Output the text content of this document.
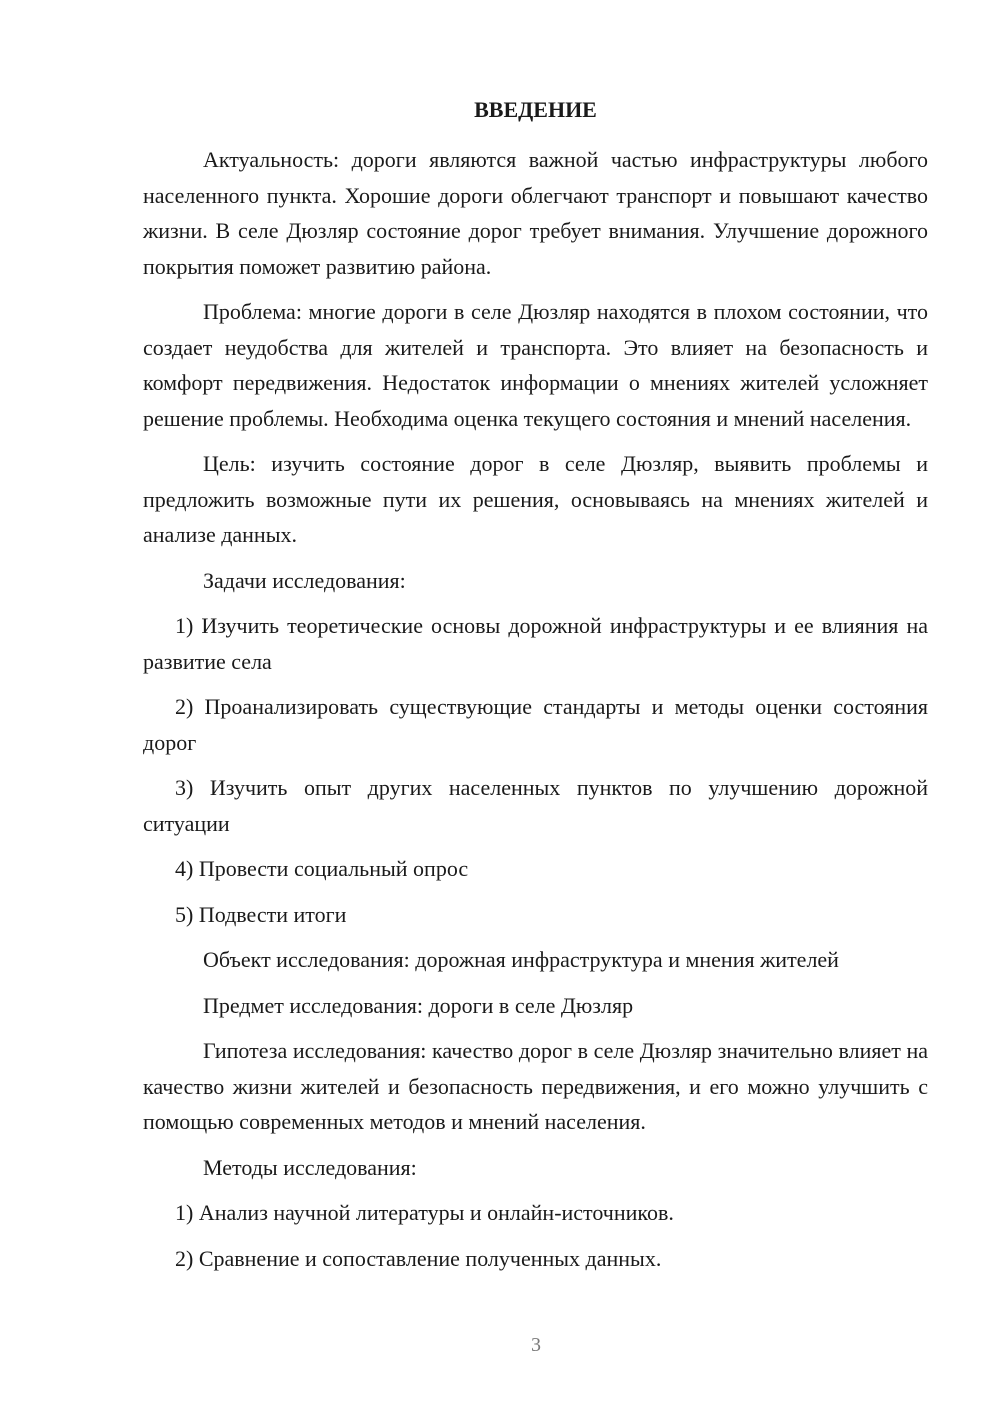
ВВЕДЕНИЕ

Актуальность: дороги являются важной частью инфраструктуры любого населенного пункта. Хорошие дороги облегчают транспорт и повышают качество жизни. В селе Дюзляр состояние дорог требует внимания. Улучшение дорожного покрытия поможет развитию района.

Проблема: многие дороги в селе Дюзляр находятся в плохом состоянии, что создает неудобства для жителей и транспорта. Это влияет на безопасность и комфорт передвижения. Недостаток информации о мнениях жителей усложняет решение проблемы. Необходима оценка текущего состояния и мнений населения.

Цель: изучить состояние дорог в селе Дюзляр, выявить проблемы и предложить возможные пути их решения, основываясь на мнениях жителей и анализе данных.

Задачи исследования:

1) Изучить теоретические основы дорожной инфраструктуры и ее влияния на развитие села

2) Проанализировать существующие стандарты и методы оценки состояния дорог

3) Изучить опыт других населенных пунктов по улучшению дорожной ситуации

4) Провести социальный опрос

5) Подвести итоги

Объект исследования: дорожная инфраструктура и мнения жителей

Предмет исследования: дороги в селе Дюзляр

Гипотеза исследования: качество дорог в селе Дюзляр значительно влияет на качество жизни жителей и безопасность передвижения, и его можно улучшить с помощью современных методов и мнений населения.

Методы исследования:

1) Анализ научной литературы и онлайн-источников.

2) Сравнение и сопоставление полученных данных.

3
